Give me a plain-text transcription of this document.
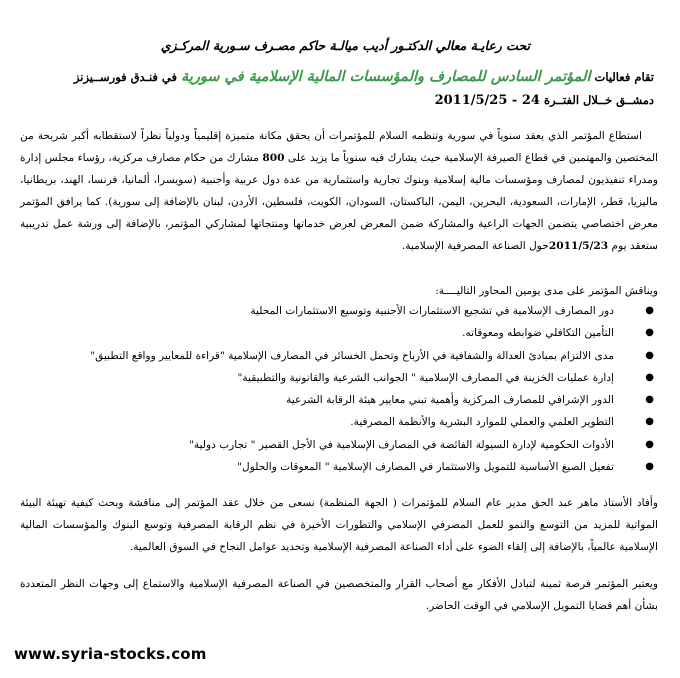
تحت رعايـة معالي الدكتـور أديب ميالـة حاكم مصـرف سـورية المركـزي
تقام فعاليات المؤتمر السادس للمصارف والمؤسسات المالية الإسلامية في سورية في فنـدق فورســيزنز
دمشــق خــلال الفتــرة 24 - 2011/5/25
استطاع المؤتمر الذي يعقد سنوياً في سورية وتنظمه السلام للمؤتمرات أن يحقق مكانة متميزة إقليمياً ودولياً نظراً لاستقطابه أكبر شريحة من المختصين والمهتمين في قطاع الصيرفة الإسلامية حيث يشارك فيه سنوياً ما يزيد على 800 مشارك من حكام مصارف مركزية، رؤساء مجلس إدارة ومدراء تنفيذيون لمصارف ومؤسسات مالية إسلامية وبنوك تجارية واستثمارية من عدة دول عربية وأجنبية (سويسرا، ألمانيا، فرنسا، الهند، بريطانيا، ماليزيا، قطر، الإمارات، السعودية، البحرين، اليمن، الباكستان، السودان، الكويت، فلسطين، الأردن، لبنان بالإضافة إلى سورية). كما يرافق المؤتمر معرض اختصاصي يتضمن الجهات الراعية والمشاركة ضمن المعرض لعرض خدماتها ومنتجاتها لمشاركي المؤتمر، بالإضافة إلى ورشة عمل تدريبية ستعقد يوم 2011/5/23حول الصناعة المصرفية الإسلامية.
ويناقش المؤتمر على مدى يومين المحاور التاليــــة:
●
دور المصارف الإسلامية في تشجيع الاستثمارات الأجنبية وتوسيع الاستثمارات المحلية
●
التأمين التكافلي ضوابطه ومعوقاته.
●
مدى الالتزام بمبادئ العدالة والشفافية في الأرباح وتحمل الخسائر في المصارف الإسلامية "قراءة للمعايير وواقع التطبيق"
●
إدارة عمليات الخزينة في المصارف الإسلامية " الجوانب الشرعية والقانونية والتطبيقية"
●
الدور الإشرافي للمصارف المركزية وأهمية تبني معايير هيئة الرقابة الشرعية
●
التطوير العلمي والعملي للموارد البشرية والأنظمة المصرفية.
●
الأدوات الحكومية لإدارة السيولة الفائضة في المصارف الإسلامية في الأجل القصير " تجارب دولية"
●
تفعيل الصيغ الأساسية للتمويل والاستثمار في المصارف الإسلامية " المعوقات والحلول"
وأفاد الأستاذ ماهر عبد الحق مدير عام السلام للمؤتمرات ( الجهة المنظمة) نسعى من خلال عقد المؤتمر إلى مناقشة وبحث كيفية تهيئة البيئة المواتية للمزيد من التوسع والنمو للعمل المصرفي الإسلامي والتطورات الأخيرة في نظم الرقابة المصرفية وتوسع البنوك والمؤسسات المالية الإسلامية عالمياً، بالإضافة إلى إلقاء الضوء على أداء الصناعة المصرفية الإسلامية وتحديد عوامل النجاح في السوق العالمية.
ويعتبر المؤتمر فرصة ثمينة لتبادل الأفكار مع أصحاب القرار والمتخصصين في الصناعة المصرفية الإسلامية والاستماع إلى وجهات النظر المتعددة بشأن أهم قضايا التمويل الإسلامي في الوقت الحاضر.
www.syria-stocks.com
